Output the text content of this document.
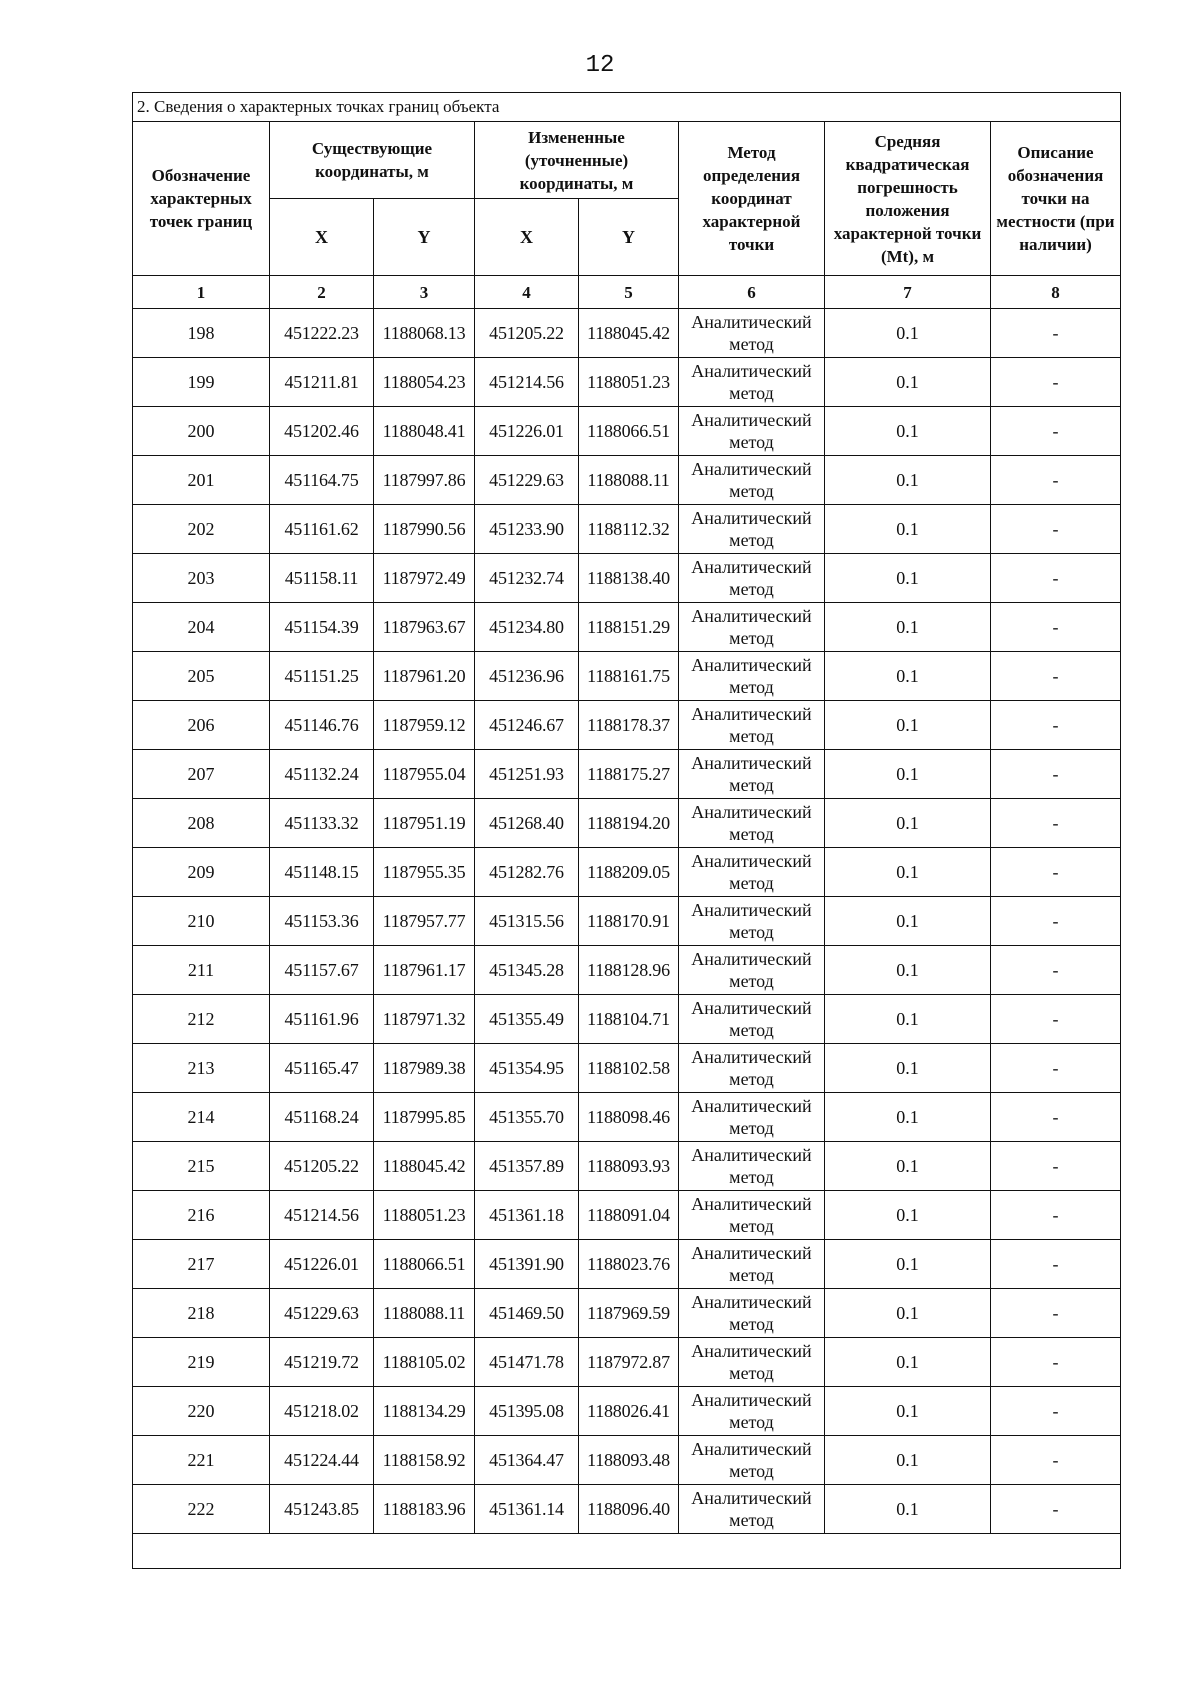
12
2. Сведения о характерных точках границ объекта							
Обозначение характерных точек границ	Существующие координаты, м		Измененные (уточненные) координаты, м		Метод определения координат характерной точки	Средняя квадратическая погрешность положения характерной точки (Mt), м	Описание обозначения точки на местности (при наличии)
	X	Y	X	Y			
1	2	3	4	5	6	7	8
198	451222.23	1188068.13	451205.22	1188045.42	Аналитический метод	0.1	-
199	451211.81	1188054.23	451214.56	1188051.23	Аналитический метод	0.1	-
200	451202.46	1188048.41	451226.01	1188066.51	Аналитический метод	0.1	-
201	451164.75	1187997.86	451229.63	1188088.11	Аналитический метод	0.1	-
202	451161.62	1187990.56	451233.90	1188112.32	Аналитический метод	0.1	-
203	451158.11	1187972.49	451232.74	1188138.40	Аналитический метод	0.1	-
204	451154.39	1187963.67	451234.80	1188151.29	Аналитический метод	0.1	-
205	451151.25	1187961.20	451236.96	1188161.75	Аналитический метод	0.1	-
206	451146.76	1187959.12	451246.67	1188178.37	Аналитический метод	0.1	-
207	451132.24	1187955.04	451251.93	1188175.27	Аналитический метод	0.1	-
208	451133.32	1187951.19	451268.40	1188194.20	Аналитический метод	0.1	-
209	451148.15	1187955.35	451282.76	1188209.05	Аналитический метод	0.1	-
210	451153.36	1187957.77	451315.56	1188170.91	Аналитический метод	0.1	-
211	451157.67	1187961.17	451345.28	1188128.96	Аналитический метод	0.1	-
212	451161.96	1187971.32	451355.49	1188104.71	Аналитический метод	0.1	-
213	451165.47	1187989.38	451354.95	1188102.58	Аналитический метод	0.1	-
214	451168.24	1187995.85	451355.70	1188098.46	Аналитический метод	0.1	-
215	451205.22	1188045.42	451357.89	1188093.93	Аналитический метод	0.1	-
216	451214.56	1188051.23	451361.18	1188091.04	Аналитический метод	0.1	-
217	451226.01	1188066.51	451391.90	1188023.76	Аналитический метод	0.1	-
218	451229.63	1188088.11	451469.50	1187969.59	Аналитический метод	0.1	-
219	451219.72	1188105.02	451471.78	1187972.87	Аналитический метод	0.1	-
220	451218.02	1188134.29	451395.08	1188026.41	Аналитический метод	0.1	-
221	451224.44	1188158.92	451364.47	1188093.48	Аналитический метод	0.1	-
222	451243.85	1188183.96	451361.14	1188096.40	Аналитический метод	0.1	-
